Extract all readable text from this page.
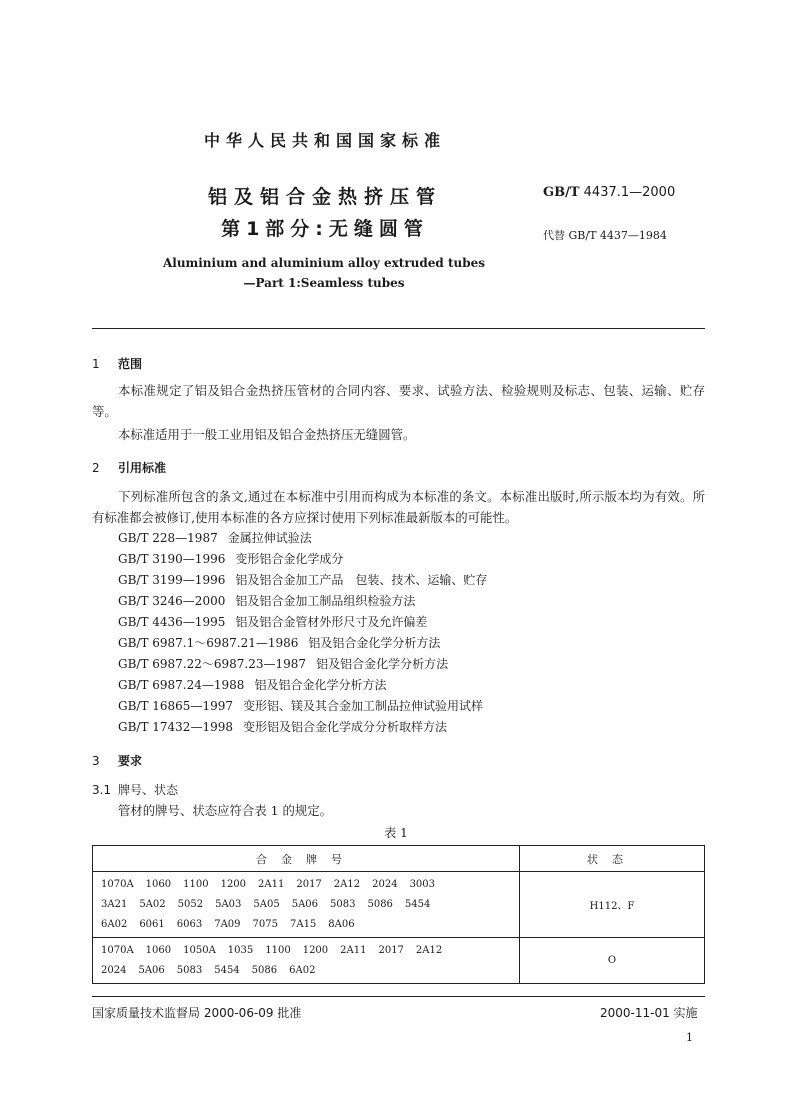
中华人民共和国国家标准
铝及铝合金热挤压管
第1部分:无缝圆管
GB/T 4437.1—2000
代替 GB/T 4437—1984
Aluminium and aluminium alloy extruded tubes
—Part 1:Seamless tubes
1 范围
本标准规定了铝及铝合金热挤压管材的合同内容、要求、试验方法、检验规则及标志、包装、运输、贮存等。
本标准适用于一般工业用铝及铝合金热挤压无缝圆管。
2 引用标准
下列标准所包含的条文,通过在本标准中引用而构成为本标准的条文。本标准出版时,所示版本均为有效。所有标准都会被修订,使用本标准的各方应探讨使用下列标准最新版本的可能性。
GB/T 228—1987 金属拉伸试验法
GB/T 3190—1996 变形铝合金化学成分
GB/T 3199—1996 铝及铝合金加工产品　包装、技术、运输、贮存
GB/T 3246—2000 铝及铝合金加工制品组织检验方法
GB/T 4436—1995 铝及铝合金管材外形尺寸及允许偏差
GB/T 6987.1～6987.21—1986 铝及铝合金化学分析方法
GB/T 6987.22～6987.23—1987 铝及铝合金化学分析方法
GB/T 6987.24—1988 铝及铝合金化学分析方法
GB/T 16865—1997 变形铝、镁及其合金加工制品拉伸试验用试样
GB/T 17432—1998 变形铝及铝合金化学成分分析取样方法
3 要求
3.1 牌号、状态
管材的牌号、状态应符合表 1 的规定。
表 1
合金牌号	状态

1070A 1060 1100 1200 2A11 2017 2A12 2024 3003
3A21 5A02 5052 5A03 5A05 5A06 5083 5086 5454
6A02 6061 6063 7A09 7075 7A15 8A06	H112、F

1070A 1060 1050A 1035 1100 1200 2A11 2017 2A12
2024 5A06 5083 5454 5086 6A02	O
国家质量技术监督局 2000-06-09 批准	2000-11-01 实施
1
